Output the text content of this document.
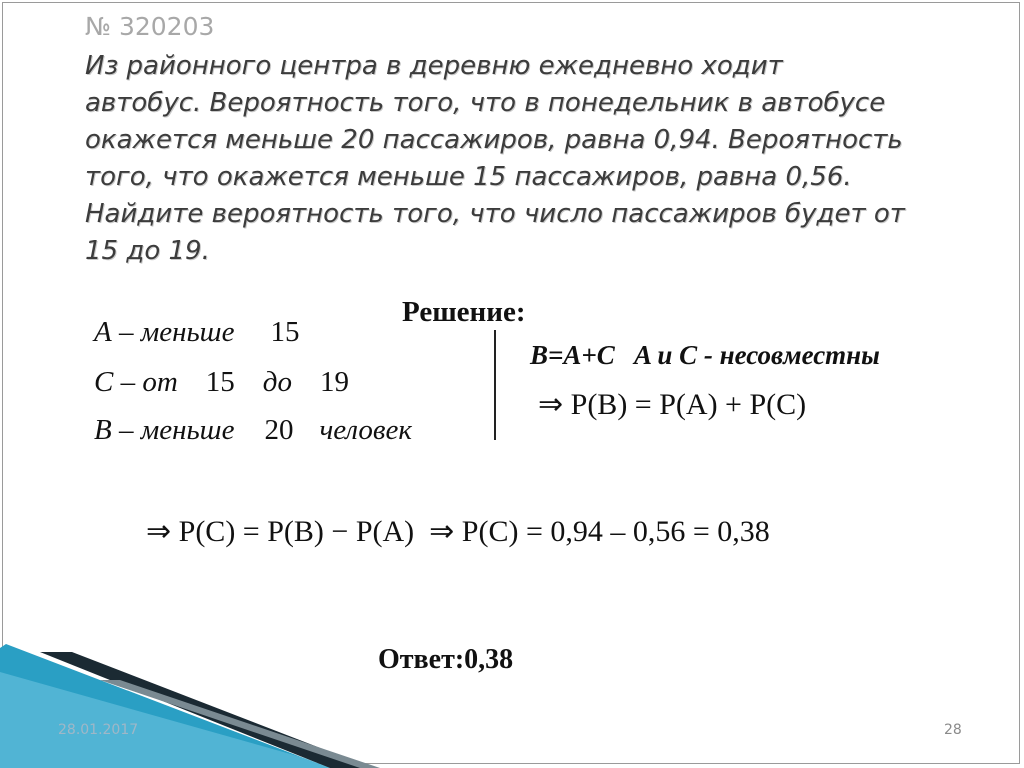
№ 320203

Из районного центра в деревню ежедневно ходит
автобус. Вероятность того, что в понедельник в автобусе
окажется меньше 20 пассажиров, равна 0,94. Вероятность
того, что окажется меньше 15 пассажиров, равна 0,56.
Найдите вероятность того, что число пассажиров будет от
15 до 19.

Решение:
A – меньше 15
C – от 15 до 19
B – меньше 20 человек
B=A+C   A и C - несовместны
⇒ P(B) = P(A) + P(C)
⇒ P(C) = P(B) − P(A)  ⇒ P(C) = 0,94 – 0,56 = 0,38
Ответ:0,38
28.01.2017	28
